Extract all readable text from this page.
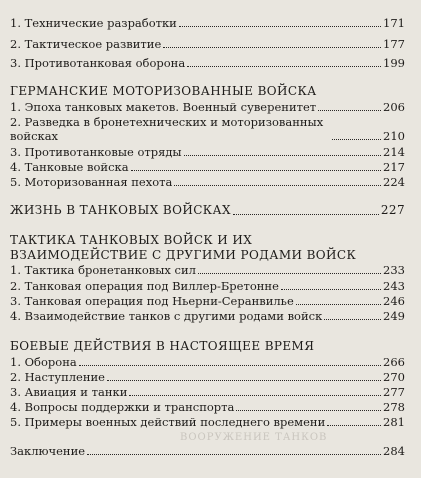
1. Технические разработки	171
2. Тактическое развитие	177
3. Противотанковая оборона	199
ГЕРМАНСКИЕ МОТОРИЗОВАННЫЕ ВОЙСКА
1. Эпоха танковых макетов. Военный суверенитет	206
2. Разведка в бронетехнических и моторизованных войсках	210
3. Противотанковые отряды	214
4. Танковые войска	217
5. Моторизованная пехота	224
ЖИЗНЬ В ТАНКОВЫХ ВОЙСКАХ	227
ТАКТИКА ТАНКОВЫХ ВОЙСК И ИХ
ВЗАИМОДЕЙСТВИЕ С ДРУГИМИ РОДАМИ ВОЙСК
1. Тактика бронетанковых сил	233
2. Танковая операция под Виллер-Бретонне	243
3. Танковая операция под Ньерни-Серанвилье	246
4. Взаимодействие танков с другими родами войск	249
БОЕВЫЕ ДЕЙСТВИЯ В НАСТОЯЩЕЕ ВРЕМЯ
1. Оборона	266
2. Наступление	270
3. Авиация и танки	277
4. Вопросы поддержки и транспорта	278
5. Примеры военных действий последнего времени	281
ВООРУЖЕНИЕ ТАНКОВ
Заключение	284
